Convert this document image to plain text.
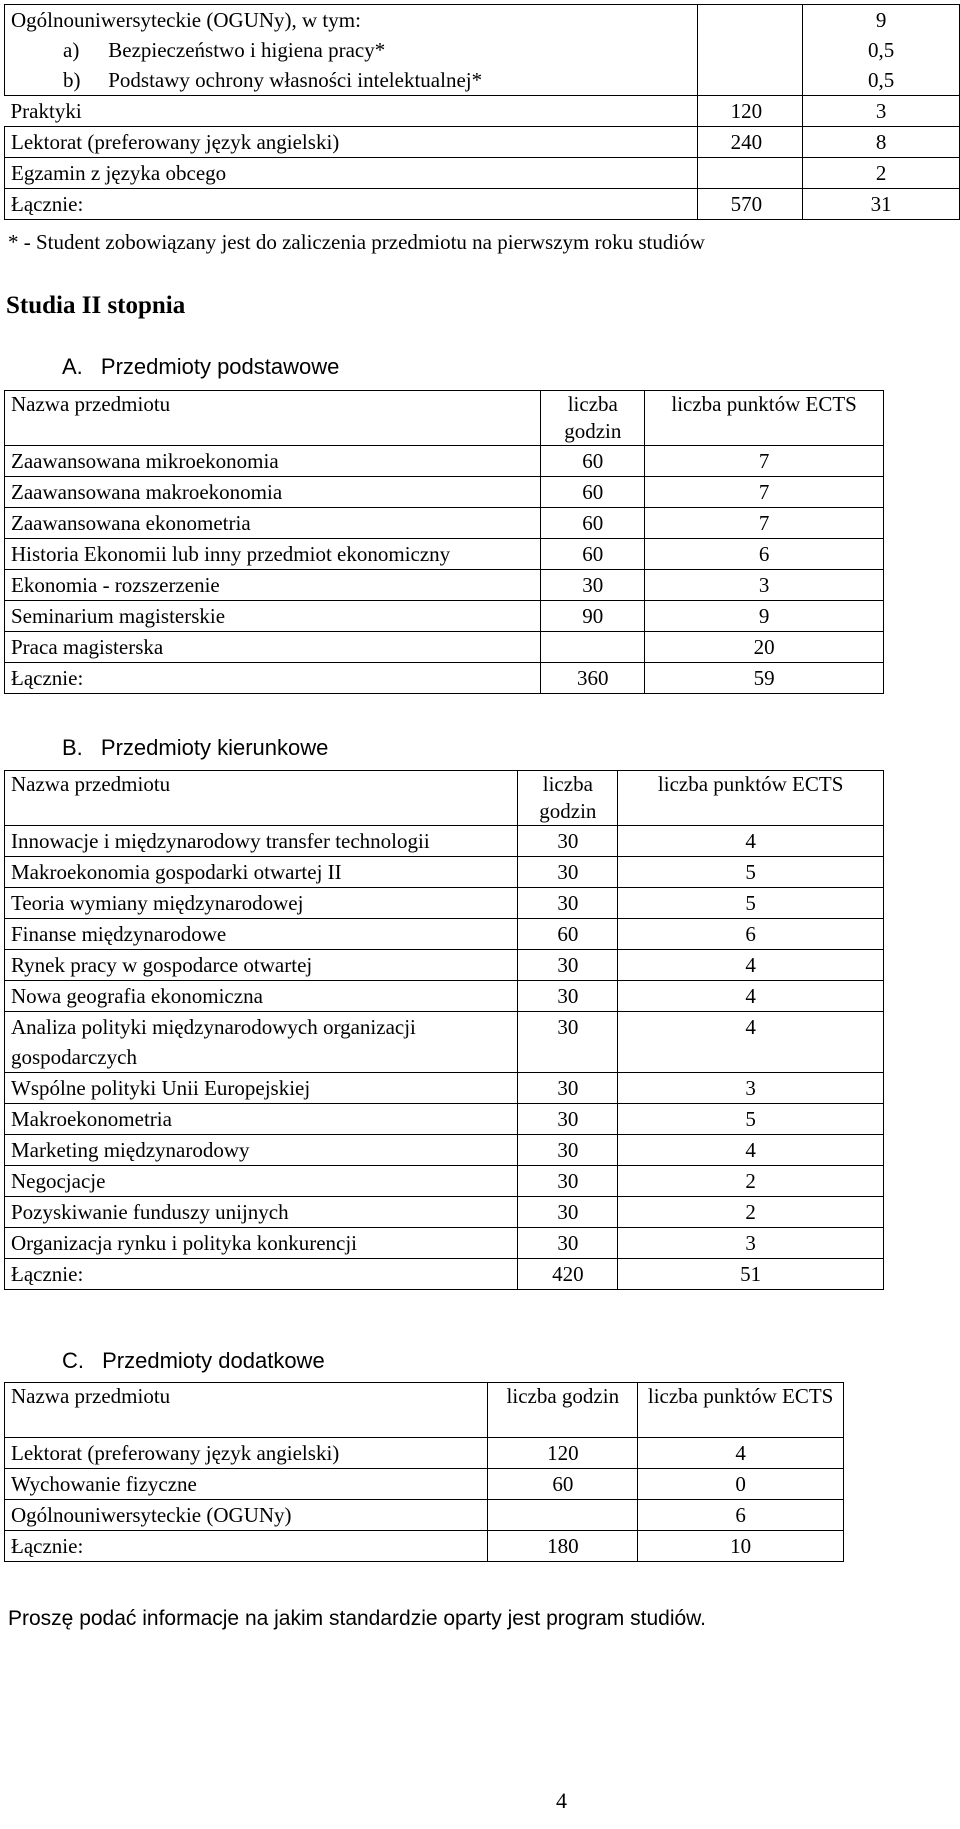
Ogólnouniwersyteckie (OGUNy), w tym:		9
a) Bezpieczeństwo i higiena pracy*		0,5
b) Podstawy ochrony własności intelektualnej*		0,5
Praktyki	120	3
Lektorat (preferowany język angielski)	240	8
Egzamin z języka obcego		2
Łącznie:	570	31
* - Student zobowiązany jest do zaliczenia przedmiotu na pierwszym roku studiów
Studia II stopnia
A. Przedmioty podstawowe
Nazwa przedmiotu	liczba godzin	liczba punktów ECTS
Zaawansowana mikroekonomia	60	7
Zaawansowana makroekonomia	60	7
Zaawansowana ekonometria	60	7
Historia Ekonomii lub inny przedmiot ekonomiczny	60	6
Ekonomia - rozszerzenie	30	3
Seminarium magisterskie	90	9
Praca magisterska		20
Łącznie:	360	59
B. Przedmioty kierunkowe
Nazwa przedmiotu	liczba godzin	liczba punktów ECTS
Innowacje i międzynarodowy transfer technologii	30	4
Makroekonomia gospodarki otwartej II	30	5
Teoria wymiany międzynarodowej	30	5
Finanse międzynarodowe	60	6
Rynek pracy w gospodarce otwartej	30	4
Nowa geografia ekonomiczna	30	4
Analiza polityki międzynarodowych organizacji gospodarczych	30	4
Wspólne polityki Unii Europejskiej	30	3
Makroekonometria	30	5
Marketing międzynarodowy	30	4
Negocjacje	30	2
Pozyskiwanie funduszy unijnych	30	2
Organizacja rynku i polityka konkurencji	30	3
Łącznie:	420	51
C. Przedmioty dodatkowe
Nazwa przedmiotu	liczba godzin	liczba punktów ECTS
Lektorat (preferowany język angielski)	120	4
Wychowanie fizyczne	60	0
Ogólnouniwersyteckie (OGUNy)		6
Łącznie:	180	10
Proszę podać informacje na jakim standardzie oparty jest program studiów.
4
